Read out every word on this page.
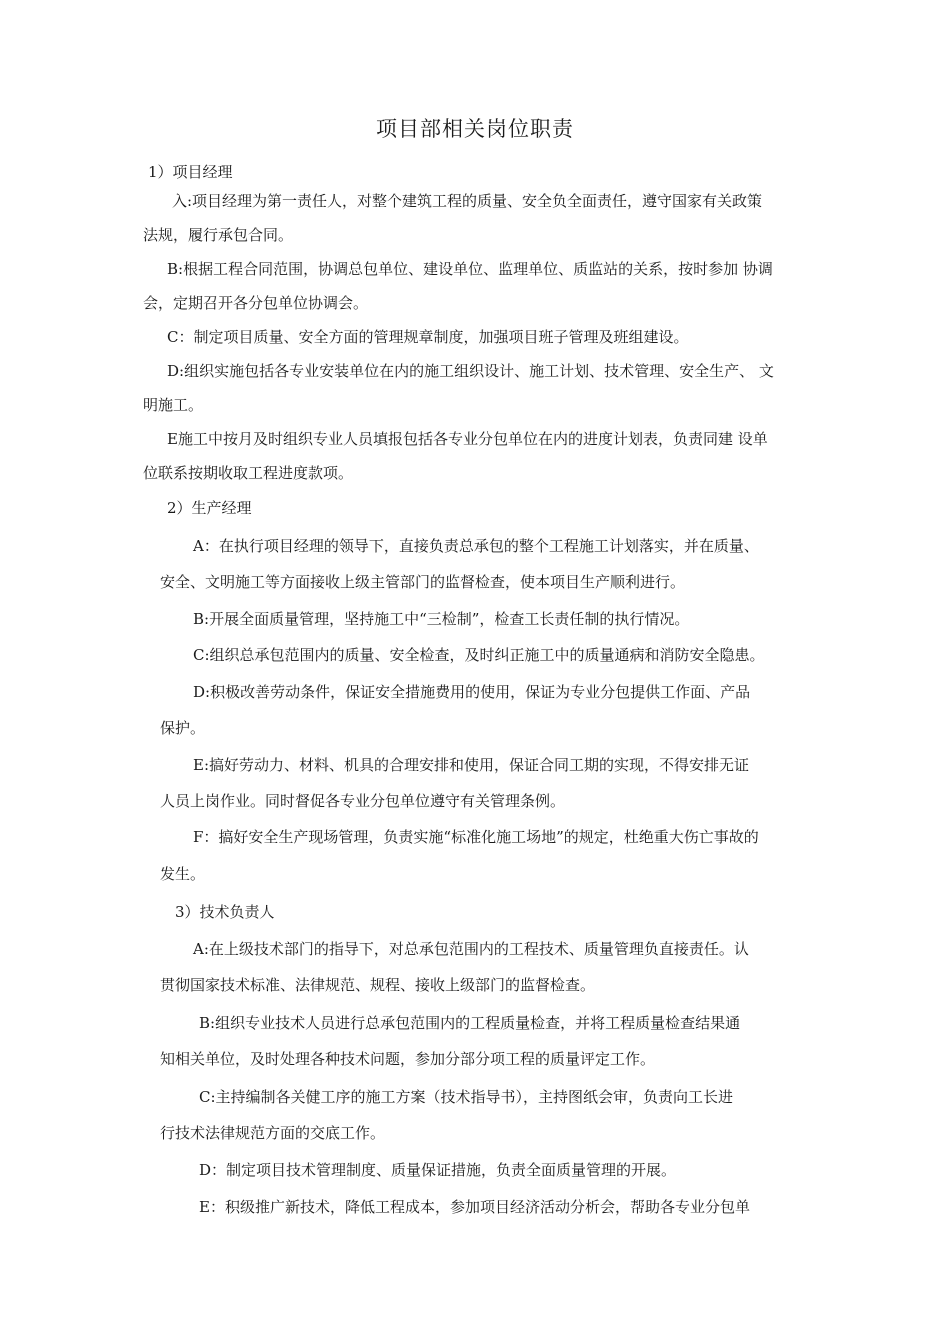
项目部相关岗位职责
1）项目经理
入:项目经理为第一责任人，对整个建筑工程的质量、安全负全面责任，遵守国家有关政策
法规，履行承包合同。
B:根据工程合同范围，协调总包单位、建设单位、监理单位、质监站的关系，按时参加 协调
会，定期召开各分包单位协调会。
C：制定项目质量、安全方面的管理规章制度，加强项目班子管理及班组建设。
D:组织实施包括各专业安装单位在内的施工组织设计、施工计划、技术管理、安全生产、 文
明施工。
E施工中按月及时组织专业人员填报包括各专业分包单位在内的进度计划表，负责同建 设单
位联系按期收取工程进度款项。
2）生产经理
A：在执行项目经理的领导下，直接负责总承包的整个工程施工计划落实，并在质量、
安全、文明施工等方面接收上级主管部门的监督检查，使本项目生产顺利进行。
B:开展全面质量管理，坚持施工中“三检制”，检查工长责任制的执行情况。
C:组织总承包范围内的质量、安全检查，及时纠正施工中的质量通病和消防安全隐患。
D:积极改善劳动条件，保证安全措施费用的使用，保证为专业分包提供工作面、产品
保护。
E:搞好劳动力、材料、机具的合理安排和使用，保证合同工期的实现，不得安排无证
人员上岗作业。同时督促各专业分包单位遵守有关管理条例。
F：搞好安全生产现场管理，负责实施“标准化施工场地”的规定，杜绝重大伤亡事故的
发生。
3）技术负责人
A:在上级技术部门的指导下，对总承包范围内的工程技术、质量管理负直接责任。认
贯彻国家技术标准、法律规范、规程、接收上级部门的监督检查。
B:组织专业技术人员进行总承包范围内的工程质量检查，并将工程质量检查结果通
知相关单位，及时处理各种技术问题，参加分部分项工程的质量评定工作。
C:主持编制各关健工序的施工方案（技术指导书），主持图纸会审，负责向工长进
行技术法律规范方面的交底工作。
D：制定项目技术管理制度、质量保证措施，负责全面质量管理的开展。
E：积级推广新技术，降低工程成本，参加项目经济活动分析会，帮助各专业分包单
